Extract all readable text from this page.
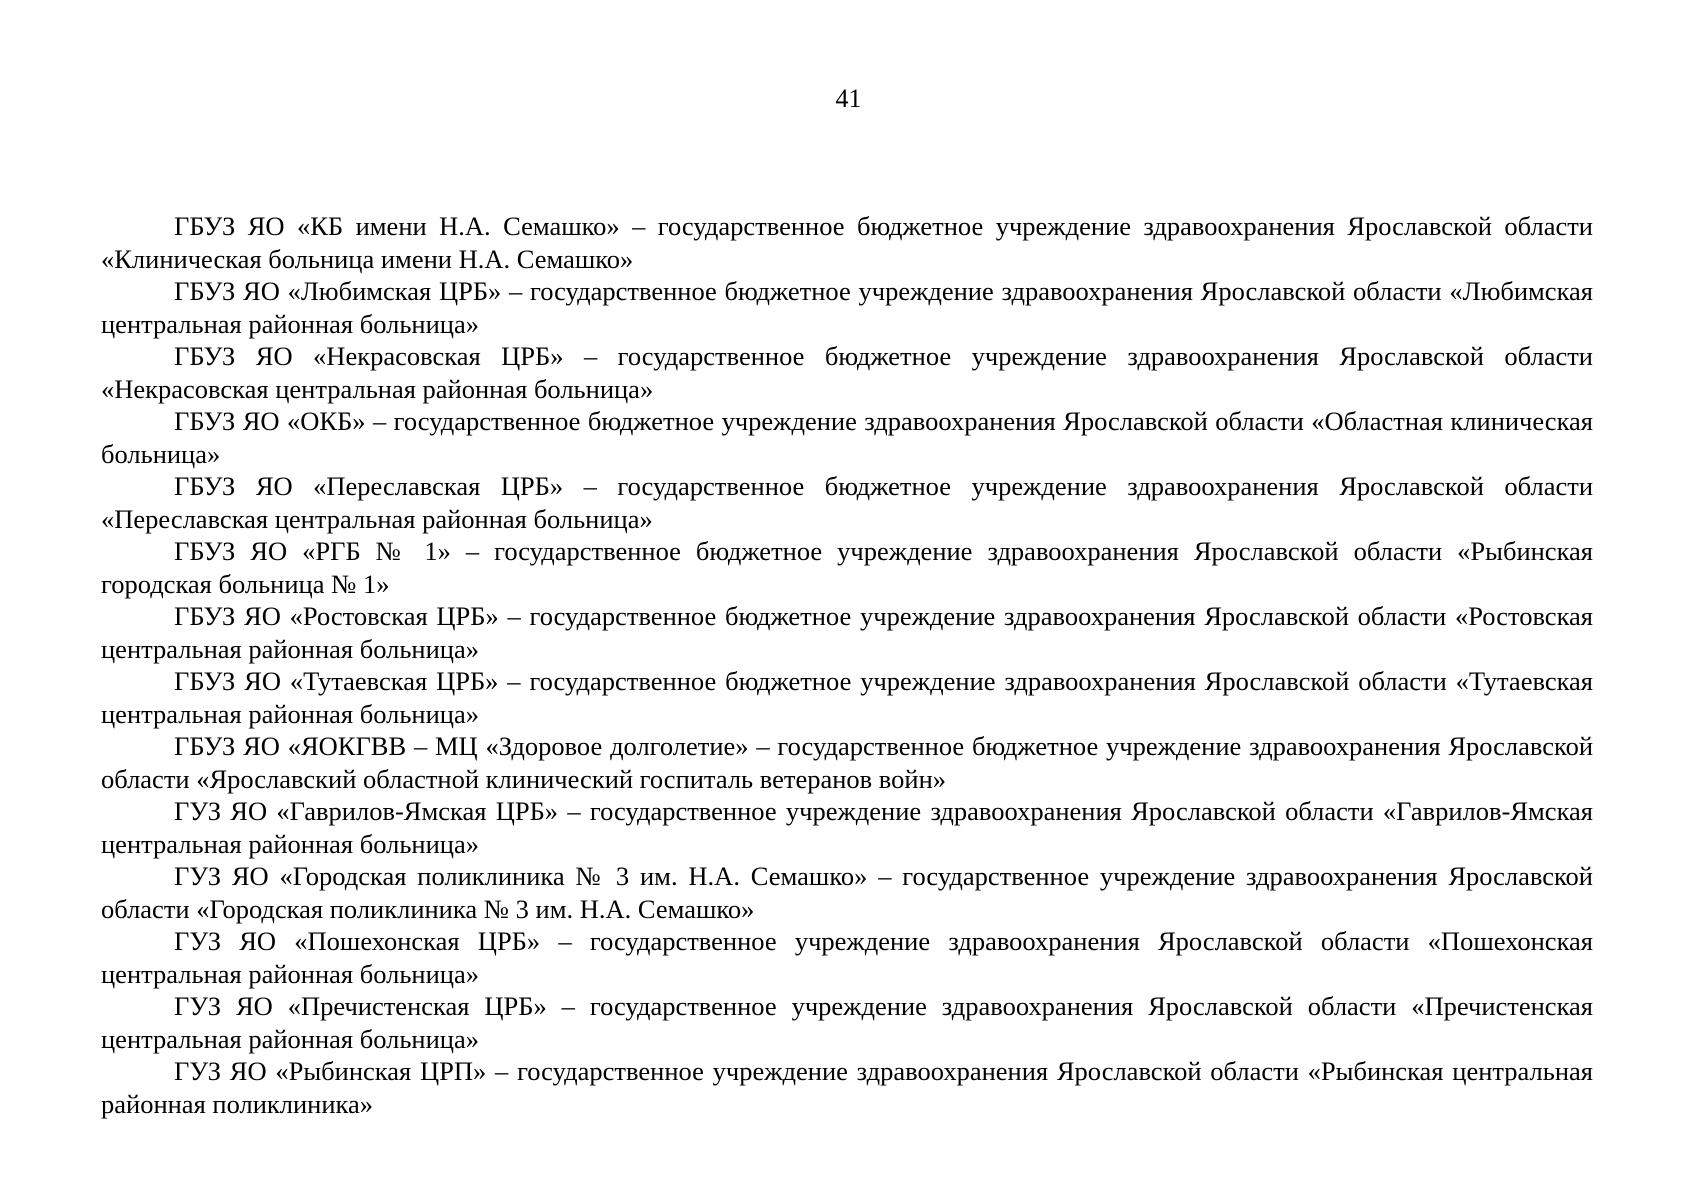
41

ГБУЗ ЯО «КБ имени Н.А. Семашко» – государственное бюджетное учреждение здравоохранения Ярославской области «Клиническая больница имени Н.А. Семашко»

ГБУЗ ЯО «Любимская ЦРБ» – государственное бюджетное учреждение здравоохранения Ярославской области «Любимская центральная районная больница»

ГБУЗ ЯО «Некрасовская ЦРБ» – государственное бюджетное учреждение здравоохранения Ярославской области «Некрасовская центральная районная больница»

ГБУЗ ЯО «ОКБ» – государственное бюджетное учреждение здравоохранения Ярославской области «Областная клиническая больница»

ГБУЗ ЯО «Переславская ЦРБ» – государственное бюджетное учреждение здравоохранения Ярославской области «Переславская центральная районная больница»

ГБУЗ ЯО «РГБ № 1» – государственное бюджетное учреждение здравоохранения Ярославской области «Рыбинская городская больница № 1»

ГБУЗ ЯО «Ростовская ЦРБ» – государственное бюджетное учреждение здравоохранения Ярославской области «Ростовская центральная районная больница»

ГБУЗ ЯО «Тутаевская ЦРБ» – государственное бюджетное учреждение здравоохранения Ярославской области «Тутаевская центральная районная больница»

ГБУЗ ЯО «ЯОКГВВ – МЦ «Здоровое долголетие» – государственное бюджетное учреждение здравоохранения Ярославской области «Ярославский областной клинический госпиталь ветеранов войн»

ГУЗ ЯО «Гаврилов-Ямская ЦРБ» – государственное учреждение здравоохранения Ярославской области «Гаврилов-Ямская центральная районная больница»

ГУЗ ЯО «Городская поликлиника № 3 им. Н.А. Семашко» – государственное учреждение здравоохранения Ярославской области «Городская поликлиника № 3 им. Н.А. Семашко»

ГУЗ ЯО «Пошехонская ЦРБ» – государственное учреждение здравоохранения Ярославской области «Пошехонская центральная районная больница»

ГУЗ ЯО «Пречистенская ЦРБ» – государственное учреждение здравоохранения Ярославской области «Пречистенская центральная районная больница»

ГУЗ ЯО «Рыбинская ЦРП» – государственное учреждение здравоохранения Ярославской области «Рыбинская центральная районная поликлиника»
